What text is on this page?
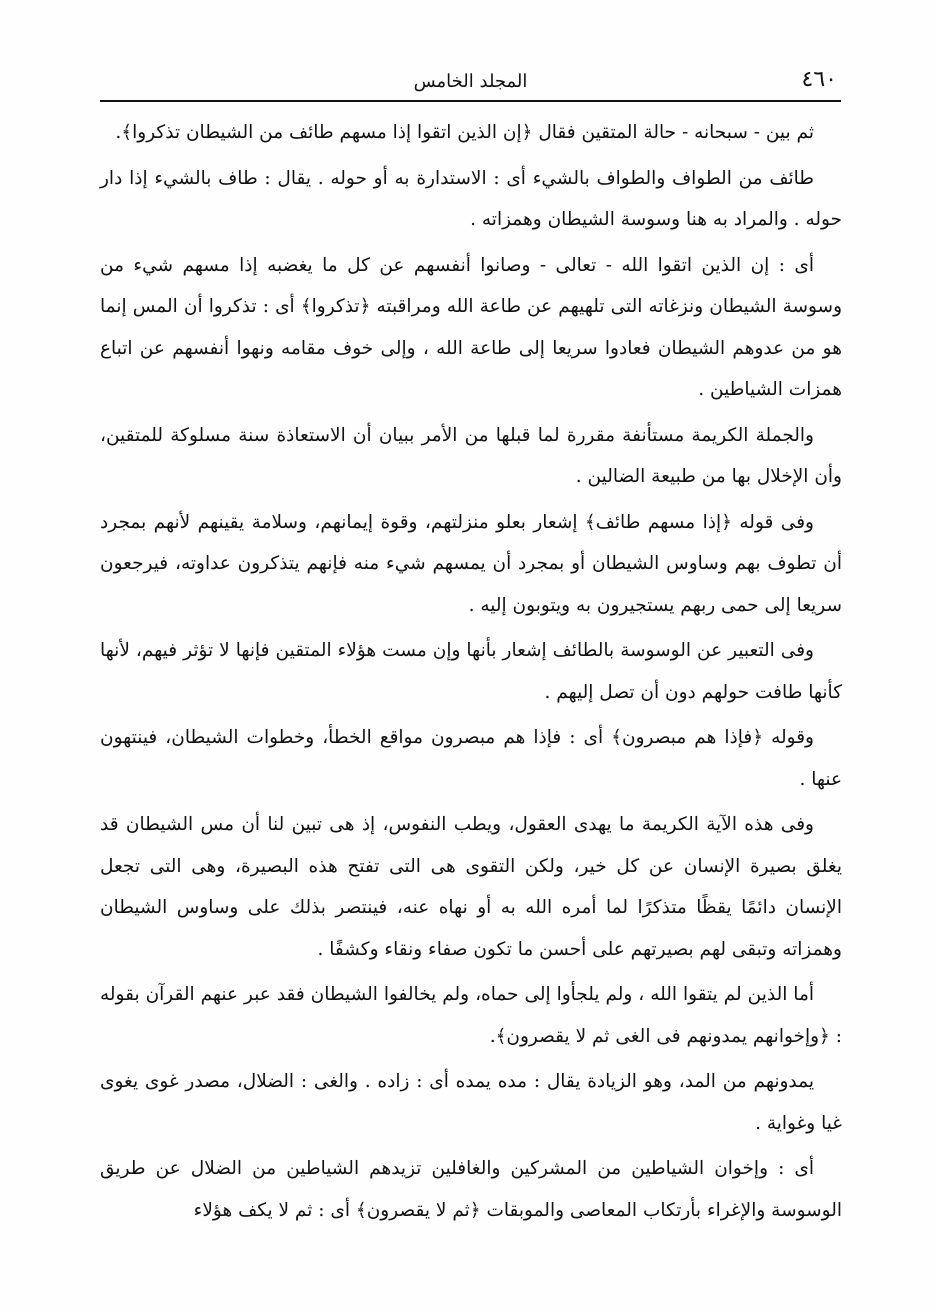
المجلد الخامس	٤٦٠

ثم بين - سبحانه - حالة المتقين فقال ﴿إن الذين اتقوا إذا مسهم طائف من الشيطان تذكروا﴾.

طائف من الطواف والطواف بالشيء أى : الاستدارة به أو حوله . يقال : طاف بالشيء إذا دار حوله . والمراد به هنا وسوسة الشيطان وهمزاته .

أى : إن الذين اتقوا الله - تعالى - وصانوا أنفسهم عن كل ما يغضبه إذا مسهم شيء من وسوسة الشيطان ونزغاته التى تلهيهم عن طاعة الله ومراقبته ﴿تذكروا﴾ أى : تذكروا أن المس إنما هو من عدوهم الشيطان فعادوا سريعا إلى طاعة الله ، وإلى خوف مقامه ونهوا أنفسهم عن اتباع همزات الشياطين .

والجملة الكريمة مستأنفة مقررة لما قبلها من الأمر ببيان أن الاستعاذة سنة مسلوكة للمتقين، وأن الإخلال بها من طبيعة الضالين .

وفى قوله ﴿إذا مسهم طائف﴾ إشعار بعلو منزلتهم، وقوة إيمانهم، وسلامة يقينهم لأنهم بمجرد أن تطوف بهم وساوس الشيطان أو بمجرد أن يمسهم شيء منه فإنهم يتذكرون عداوته، فيرجعون سريعا إلى حمى ربهم يستجيرون به ويتوبون إليه .

وفى التعبير عن الوسوسة بالطائف إشعار بأنها وإن مست هؤلاء المتقين فإنها لا تؤثر فيهم، لأنها كأنها طافت حولهم دون أن تصل إليهم .

وقوله ﴿فإذا هم مبصرون﴾ أى : فإذا هم مبصرون مواقع الخطأ، وخطوات الشيطان، فينتهون عنها .

وفى هذه الآية الكريمة ما يهدى العقول، ويطب النفوس، إذ هى تبين لنا أن مس الشيطان قد يغلق بصيرة الإنسان عن كل خير، ولكن التقوى هى التى تفتح هذه البصيرة، وهى التى تجعل الإنسان دائمًا يقظًا متذكرًا لما أمره الله به أو نهاه عنه، فينتصر بذلك على وساوس الشيطان وهمزاته وتبقى لهم بصيرتهم على أحسن ما تكون صفاء ونقاء وكشفًا .

أما الذين لم يتقوا الله ، ولم يلجأوا إلى حماه، ولم يخالفوا الشيطان فقد عبر عنهم القرآن بقوله : ﴿وإخوانهم يمدونهم فى الغى ثم لا يقصرون﴾.

يمدونهم من المد، وهو الزيادة يقال : مده يمده أى : زاده . والغى : الضلال، مصدر غوى يغوى غيا وغواية .

أى : وإخوان الشياطين من المشركين والغافلين تزيدهم الشياطين من الضلال عن طريق الوسوسة والإغراء بأرتكاب المعاصى والموبقات ﴿ثم لا يقصرون﴾ أى : ثم لا يكف هؤلاء
